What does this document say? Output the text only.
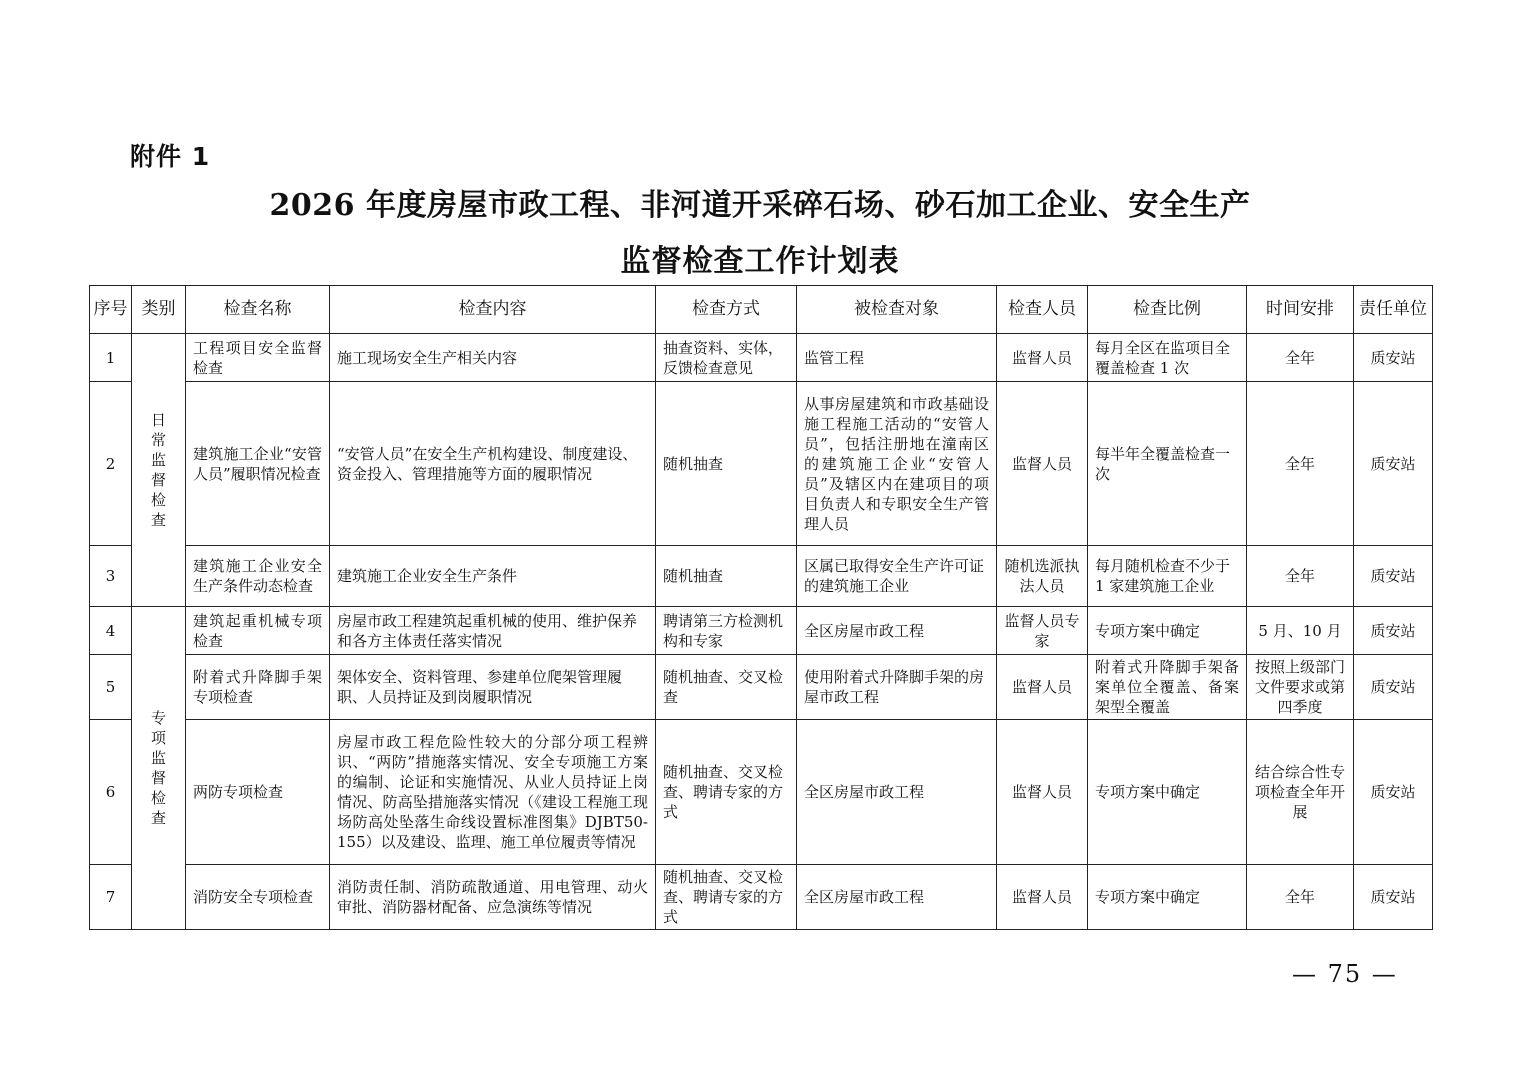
附件 1
2026 年度房屋市政工程、非河道开采碎石场、砂石加工企业、安全生产
监督检查工作计划表
序号	类别	检查名称	检查内容	检查方式	被检查对象	检查人员	检查比例	时间安排	责任单位
1	日常监督检查	工程项目安全监督检查	施工现场安全生产相关内容	抽查资料、实体，反馈检查意见	监管工程	监督人员	每月全区在监项目全覆盖检查 1 次	全年	质安站
2		建筑施工企业“安管人员”履职情况检查	“安管人员”在安全生产机构建设、制度建设、资金投入、管理措施等方面的履职情况	随机抽查	从事房屋建筑和市政基础设施工程施工活动的“安管人员”，包括注册地在潼南区的建筑施工企业“安管人员”及辖区内在建项目的项目负责人和专职安全生产管理人员	监督人员	每半年全覆盖检查一次	全年	质安站
3		建筑施工企业安全生产条件动态检查	建筑施工企业安全生产条件	随机抽查	区属已取得安全生产许可证的建筑施工企业	随机选派执法人员	每月随机检查不少于 1 家建筑施工企业	全年	质安站
4	专项监督检查	建筑起重机械专项检查	房屋市政工程建筑起重机械的使用、维护保养和各方主体责任落实情况	聘请第三方检测机构和专家	全区房屋市政工程	监督人员专家	专项方案中确定	5 月、10 月	质安站
5		附着式升降脚手架专项检查	架体安全、资料管理、参建单位爬架管理履职、人员持证及到岗履职情况	随机抽查、交叉检查	使用附着式升降脚手架的房屋市政工程	监督人员	附着式升降脚手架备案单位全覆盖、备案架型全覆盖	按照上级部门文件要求或第四季度	质安站
6		两防专项检查	房屋市政工程危险性较大的分部分项工程辨识、“两防”措施落实情况、安全专项施工方案的编制、论证和实施情况、从业人员持证上岗情况、防高坠措施落实情况（《建设工程施工现场防高处坠落生命线设置标准图集》DJBT50-155）以及建设、监理、施工单位履责等情况	随机抽查、交叉检查、聘请专家的方式	全区房屋市政工程	监督人员	专项方案中确定	结合综合性专项检查全年开展	质安站
7		消防安全专项检查	消防责任制、消防疏散通道、用电管理、动火审批、消防器材配备、应急演练等情况	随机抽查、交叉检查、聘请专家的方式	全区房屋市政工程	监督人员	专项方案中确定	全年	质安站
— 75 —
